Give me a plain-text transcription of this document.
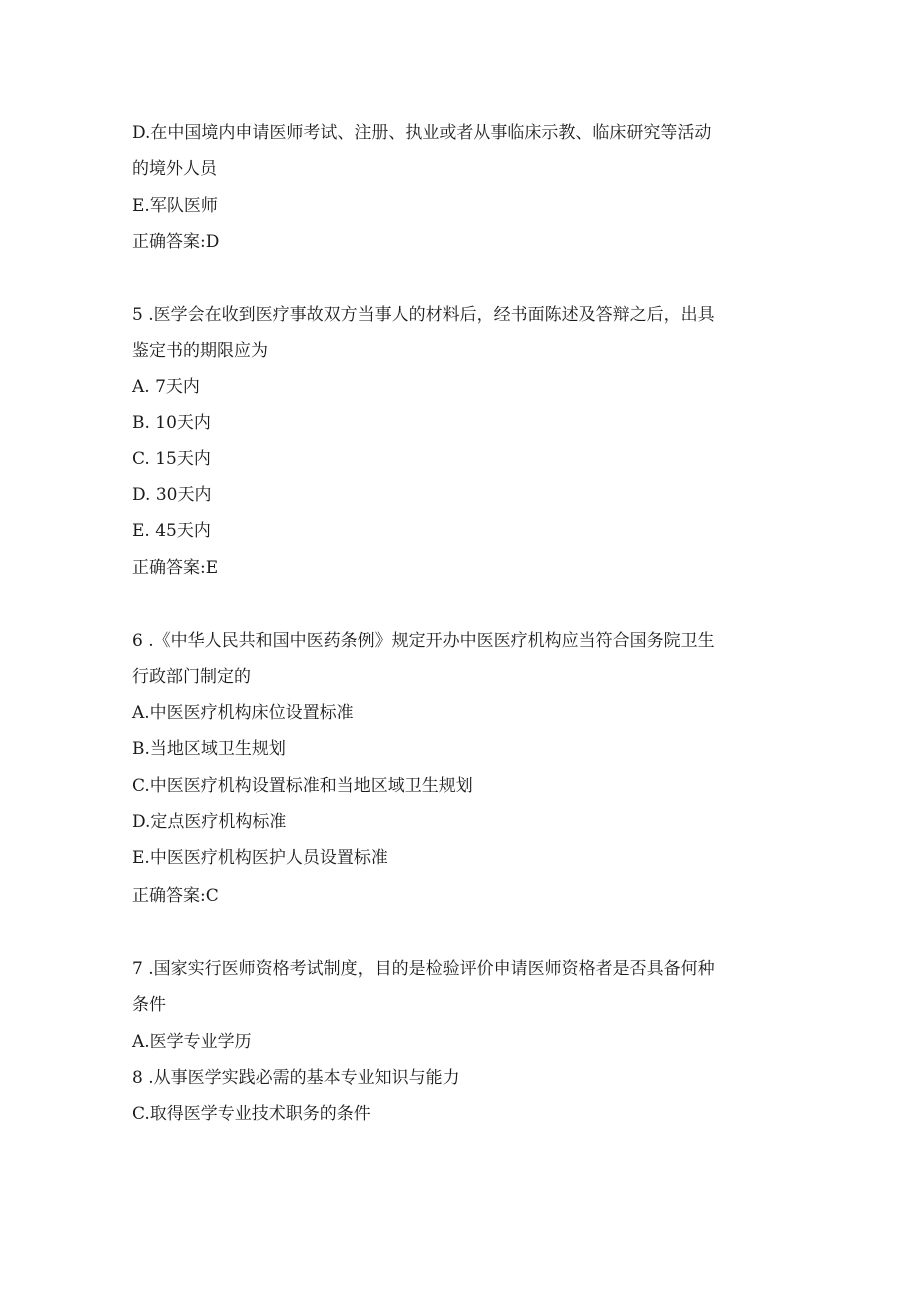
D.在中国境内申请医师考试、注册、执业或者从事临床示教、临床研究等活动
的境外人员
E.军队医师
正确答案:D
5 .医学会在收到医疗事故双方当事人的材料后，经书面陈述及答辩之后，出具
鉴定书的期限应为
A. 7天内
B. 10天内
C. 15天内
D. 30天内
E. 45天内
正确答案:E
6 .《中华人民共和国中医药条例》规定开办中医医疗机构应当符合国务院卫生
行政部门制定的
A.中医医疗机构床位设置标准
B.当地区域卫生规划
C.中医医疗机构设置标准和当地区域卫生规划
D.定点医疗机构标准
E.中医医疗机构医护人员设置标准
正确答案:C
7 .国家实行医师资格考试制度，目的是检验评价申请医师资格者是否具备何种
条件
A.医学专业学历
8 .从事医学实践必需的基本专业知识与能力
C.取得医学专业技术职务的条件
